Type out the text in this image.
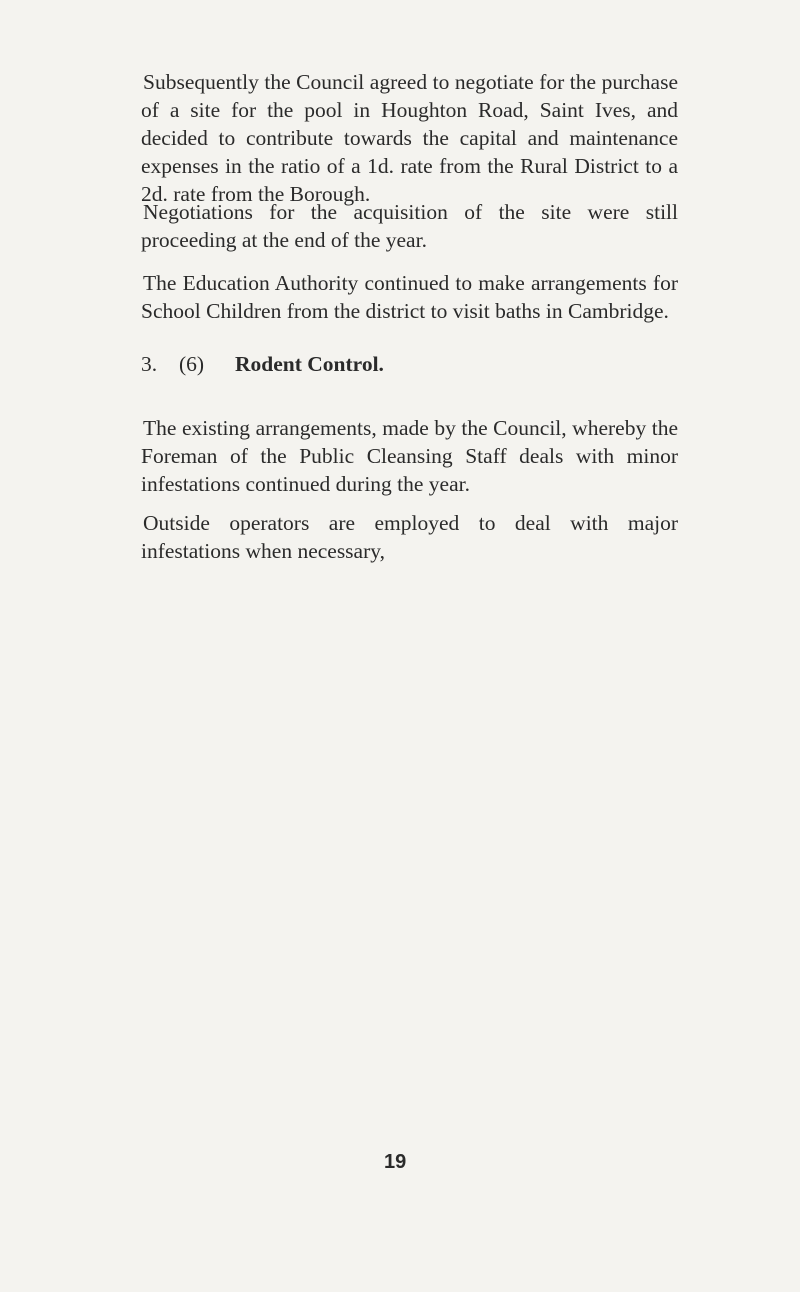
Subsequently the Council agreed to negotiate for the purchase of a site for the pool in Houghton Road, Saint Ives, and decided to contribute towards the capital and maintenance expenses in the ratio of a 1d. rate from the Rural District to a 2d. rate from the Borough.

Negotiations for the acquisition of the site were still proceeding at the end of the year.

The Education Authority continued to make arrangements for School Children from the district to visit baths in Cambridge.

3. (6) Rodent Control.

The existing arrangements, made by the Council, whereby the Foreman of the Public Cleansing Staff deals with minor infestations continued during the year.

Outside operators are employed to deal with major infestations when necessary,

19
